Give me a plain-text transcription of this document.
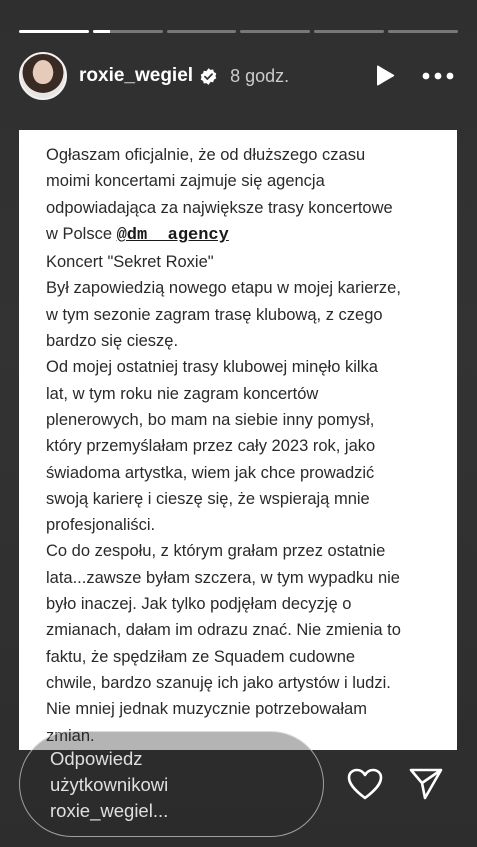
roxie_wegiel 8 godz.
Ogłaszam oficjalnie, że od dłuższego czasu
moimi koncertami zajmuje się agencja
odpowiadająca za największe trasy koncertowe
w Polsce @dm__agency
Koncert "Sekret Roxie"
Był zapowiedzią nowego etapu w mojej karierze,
w tym sezonie zagram trasę klubową, z czego
bardzo się cieszę.
Od mojej ostatniej trasy klubowej minęło kilka
lat, w tym roku nie zagram koncertów
plenerowych, bo mam na siebie inny pomysł,
który przemyślałam przez cały 2023 rok, jako
świadoma artystka, wiem jak chce prowadzić
swoją karierę i cieszę się, że wspierają mnie
profesjonaliści.
Co do zespołu, z którym grałam przez ostatnie
lata...zawsze byłam szczera, w tym wypadku nie
było inaczej. Jak tylko podjęłam decyzję o
zmianach, dałam im odrazu znać. Nie zmienia to
faktu, że spędziłam ze Squadem cudowne
chwile, bardzo szanuję ich jako artystów i ludzi.
Nie mniej jednak muzycznie potrzebowałam
zmian.
Odpowiedz
użytkownikowi
roxie_wegiel...
